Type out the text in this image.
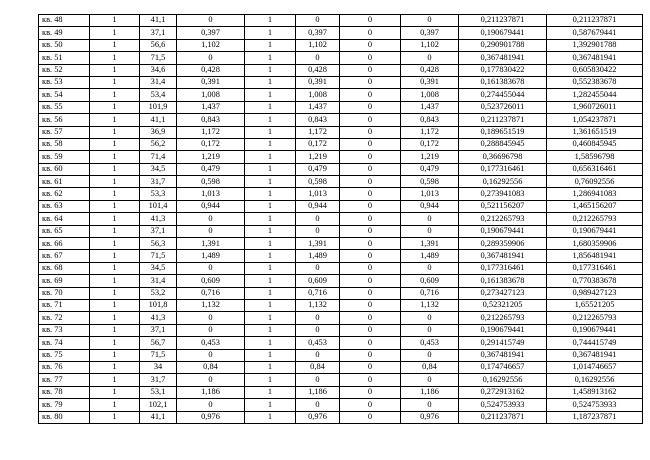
кв. 48	1	41,1	0	1	0	0	0	0,211237871	0,211237871
кв. 49	1	37,1	0,397	1	0,397	0	0,397	0,190679441	0,587679441
кв. 50	1	56,6	1,102	1	1,102	0	1,102	0,290901788	1,392901788
кв. 51	1	71,5	0	1	0	0	0	0,367481941	0,367481941
кв. 52	1	34,6	0,428	1	0,428	0	0,428	0,177830422	0,605830422
кв. 53	1	31,4	0,391	1	0,391	0	0,391	0,161383678	0,552383678
кв. 54	1	53,4	1,008	1	1,008	0	1,008	0,274455044	1,282455044
кв. 55	1	101,9	1,437	1	1,437	0	1,437	0,523726011	1,960726011
кв. 56	1	41,1	0,843	1	0,843	0	0,843	0,211237871	1,054237871
кв. 57	1	36,9	1,172	1	1,172	0	1,172	0,189651519	1,361651519
кв. 58	1	56,2	0,172	1	0,172	0	0,172	0,288845945	0,460845945
кв. 59	1	71,4	1,219	1	1,219	0	1,219	0,36696798	1,58596798
кв. 60	1	34,5	0,479	1	0,479	0	0,479	0,177316461	0,656316461
кв. 61	1	31,7	0,598	1	0,598	0	0,598	0,16292556	0,76092556
кв. 62	1	53,3	1,013	1	1,013	0	1,013	0,273941083	1,286941083
кв. 63	1	101,4	0,944	1	0,944	0	0,944	0,521156207	1,465156207
кв. 64	1	41,3	0	1	0	0	0	0,212265793	0,212265793
кв. 65	1	37,1	0	1	0	0	0	0,190679441	0,190679441
кв. 66	1	56,3	1,391	1	1,391	0	1,391	0,289359906	1,680359906
кв. 67	1	71,5	1,489	1	1,489	0	1,489	0,367481941	1,856481941
кв. 68	1	34,5	0	1	0	0	0	0,177316461	0,177316461
кв. 69	1	31,4	0,609	1	0,609	0	0,609	0,161383678	0,770383678
кв. 70	1	53,2	0,716	1	0,716	0	0,716	0,273427123	0,989427123
кв. 71	1	101,8	1,132	1	1,132	0	1,132	0,52321205	1,65521205
кв. 72	1	41,3	0	1	0	0	0	0,212265793	0,212265793
кв. 73	1	37,1	0	1	0	0	0	0,190679441	0,190679441
кв. 74	1	56,7	0,453	1	0,453	0	0,453	0,291415749	0,744415749
кв. 75	1	71,5	0	1	0	0	0	0,367481941	0,367481941
кв. 76	1	34	0,84	1	0,84	0	0,84	0,174746657	1,014746657
кв. 77	1	31,7	0	1	0	0	0	0,16292556	0,16292556
кв. 78	1	53,1	1,186	1	1,186	0	1,186	0,272913162	1,458913162
кв. 79	1	102,1	0	1	0	0	0	0,524753933	0,524753933
кв. 80	1	41,1	0,976	1	0,976	0	0,976	0,211237871	1,187237871
